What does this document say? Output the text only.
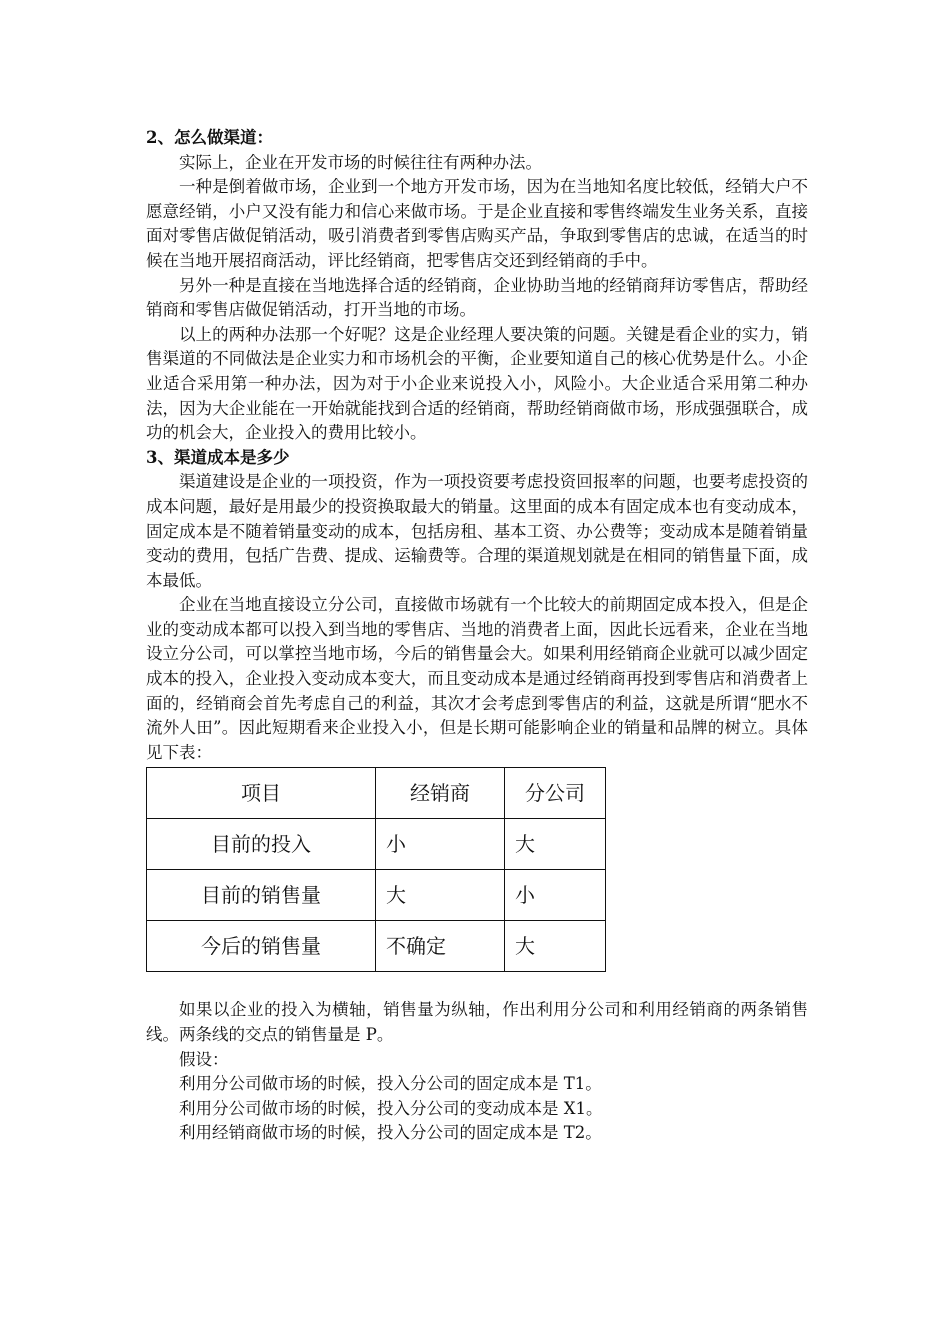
2、怎么做渠道：

实际上，企业在开发市场的时候往往有两种办法。

一种是倒着做市场，企业到一个地方开发市场，因为在当地知名度比较低，经销大户不愿意经销，小户又没有能力和信心来做市场。于是企业直接和零售终端发生业务关系，直接面对零售店做促销活动，吸引消费者到零售店购买产品，争取到零售店的忠诚，在适当的时候在当地开展招商活动，评比经销商，把零售店交还到经销商的手中。

另外一种是直接在当地选择合适的经销商，企业协助当地的经销商拜访零售店，帮助经销商和零售店做促销活动，打开当地的市场。

以上的两种办法那一个好呢？这是企业经理人要决策的问题。关键是看企业的实力，销售渠道的不同做法是企业实力和市场机会的平衡，企业要知道自己的核心优势是什么。小企业适合采用第一种办法，因为对于小企业来说投入小，风险小。大企业适合采用第二种办法，因为大企业能在一开始就能找到合适的经销商，帮助经销商做市场，形成强强联合，成功的机会大，企业投入的费用比较小。

3、渠道成本是多少

渠道建设是企业的一项投资，作为一项投资要考虑投资回报率的问题，也要考虑投资的成本问题，最好是用最少的投资换取最大的销量。这里面的成本有固定成本也有变动成本，固定成本是不随着销量变动的成本，包括房租、基本工资、办公费等；变动成本是随着销量变动的费用，包括广告费、提成、运输费等。合理的渠道规划就是在相同的销售量下面，成本最低。

企业在当地直接设立分公司，直接做市场就有一个比较大的前期固定成本投入，但是企业的变动成本都可以投入到当地的零售店、当地的消费者上面，因此长远看来，企业在当地设立分公司，可以掌控当地市场，今后的销售量会大。如果利用经销商企业就可以减少固定成本的投入，企业投入变动成本变大，而且变动成本是通过经销商再投到零售店和消费者上面的，经销商会首先考虑自己的利益，其次才会考虑到零售店的利益，这就是所谓“肥水不流外人田”。因此短期看来企业投入小，但是长期可能影响企业的销量和品牌的树立。具体见下表：

项目	经销商	分公司
目前的投入	小	大
目前的销售量	大	小
今后的销售量	不确定	大

如果以企业的投入为横轴，销售量为纵轴，作出利用分公司和利用经销商的两条销售线。两条线的交点的销售量是 P。

假设：

利用分公司做市场的时候，投入分公司的固定成本是 T1。

利用分公司做市场的时候，投入分公司的变动成本是 X1。

利用经销商做市场的时候，投入分公司的固定成本是 T2。
